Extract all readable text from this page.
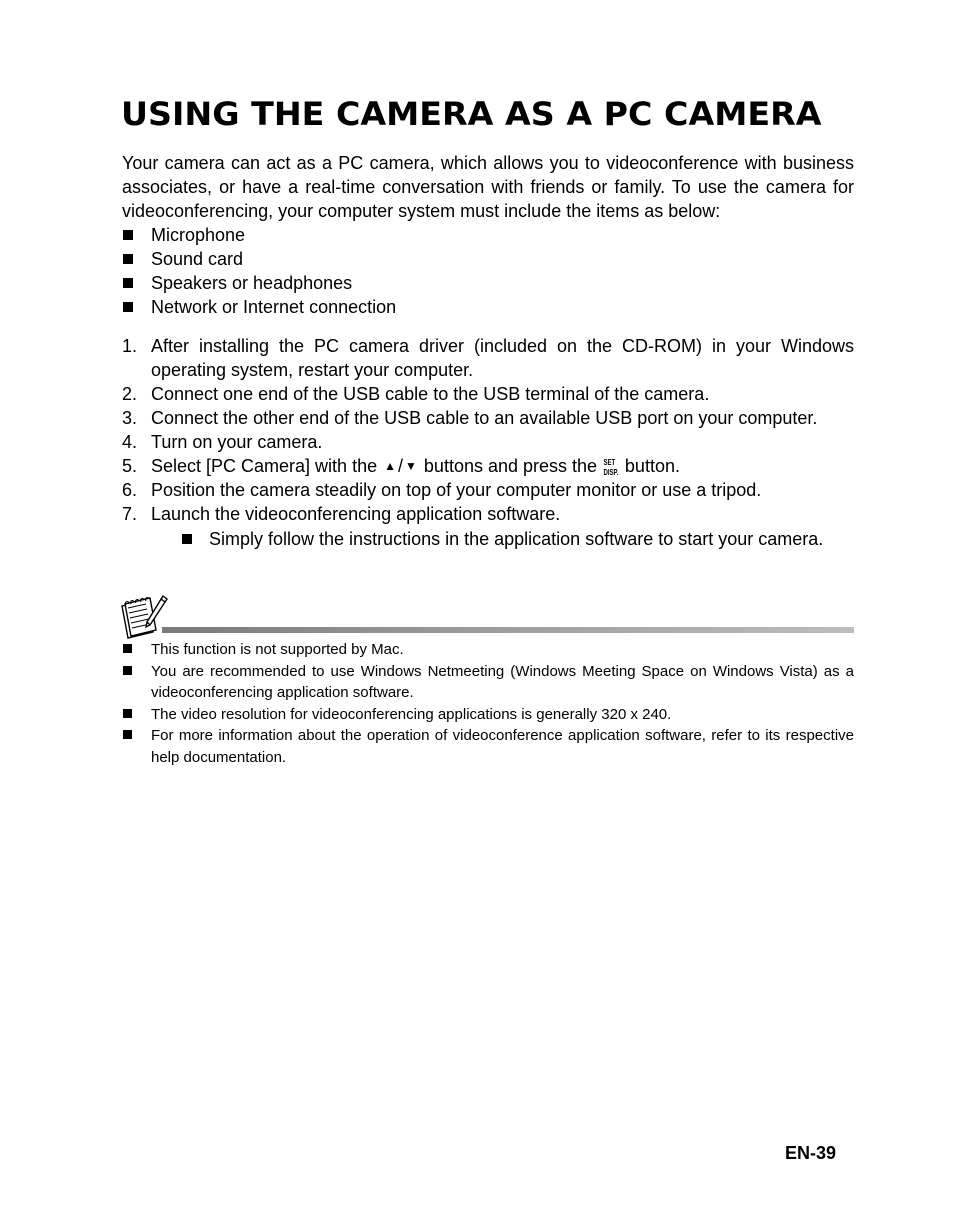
USING THE CAMERA AS A PC CAMERA

Your camera can act as a PC camera, which allows you to videoconference with business associates, or have a real-time conversation with friends or family. To use the camera for videoconferencing, your computer system must include the items as below:

Microphone
Sound card
Speakers or headphones
Network or Internet connection
1. After installing the PC camera driver (included on the CD-ROM) in your Windows operating system, restart your computer.
2. Connect one end of the USB cable to the USB terminal of the camera.
3. Connect the other end of the USB cable to an available USB port on your computer.
4. Turn on your camera.
5. Select [PC Camera] with the ▲ / ▼ buttons and press the SET
DISP. button.
6. Position the camera steadily on top of your computer monitor or use a tripod.
7. Launch the videoconferencing application software.
Simply follow the instructions in the application software to start your camera.
This function is not supported by Mac.
You are recommended to use Windows Netmeeting (Windows Meeting Space on Windows Vista) as a videoconferencing application software.
The video resolution for videoconferencing applications is generally 320 x 240.
For more information about the operation of videoconference application software, refer to its respective help documentation.

EN-39
